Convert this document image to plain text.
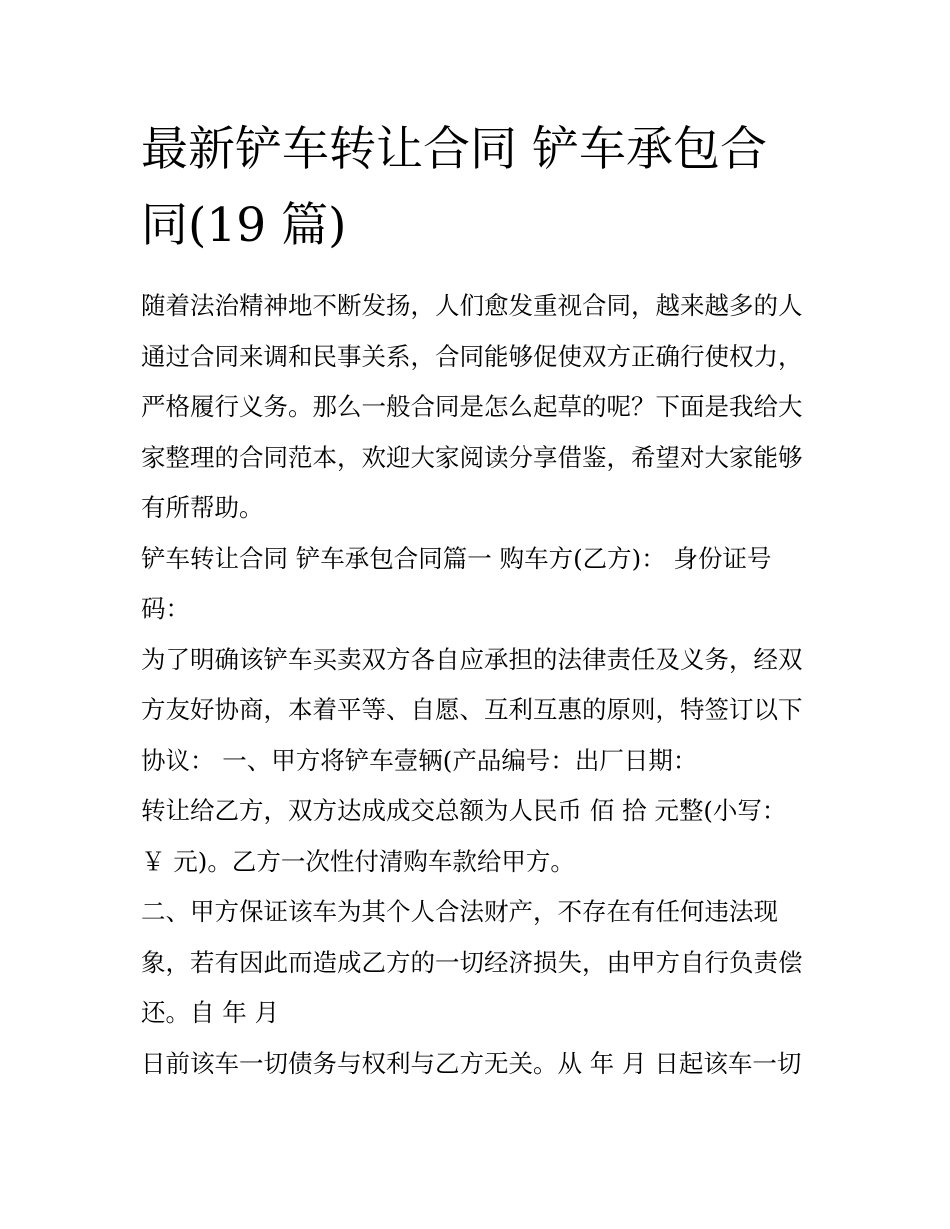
最新铲车转让合同 铲车承包合
同(19 篇)
随着法治精神地不断发扬，人们愈发重视合同，越来越多的人
通过合同来调和民事关系，合同能够促使双方正确行使权力，
严格履行义务。那么一般合同是怎么起草的呢？下面是我给大
家整理的合同范本，欢迎大家阅读分享借鉴，希望对大家能够
有所帮助。
铲车转让合同 铲车承包合同篇一 购车方(乙方)： 身份证号
码：
为了明确该铲车买卖双方各自应承担的法律责任及义务，经双
方友好协商，本着平等、自愿、互利互惠的原则，特签订以下
协议： 一、甲方将铲车壹辆(产品编号：出厂日期：
转让给乙方，双方达成成交总额为人民币 佰 拾 元整(小写：
￥ 元)。乙方一次性付清购车款给甲方。
二、甲方保证该车为其个人合法财产，不存在有任何违法现
象，若有因此而造成乙方的一切经济损失，由甲方自行负责偿
还。自 年 月
日前该车一切债务与权利与乙方无关。从 年 月 日起该车一切
